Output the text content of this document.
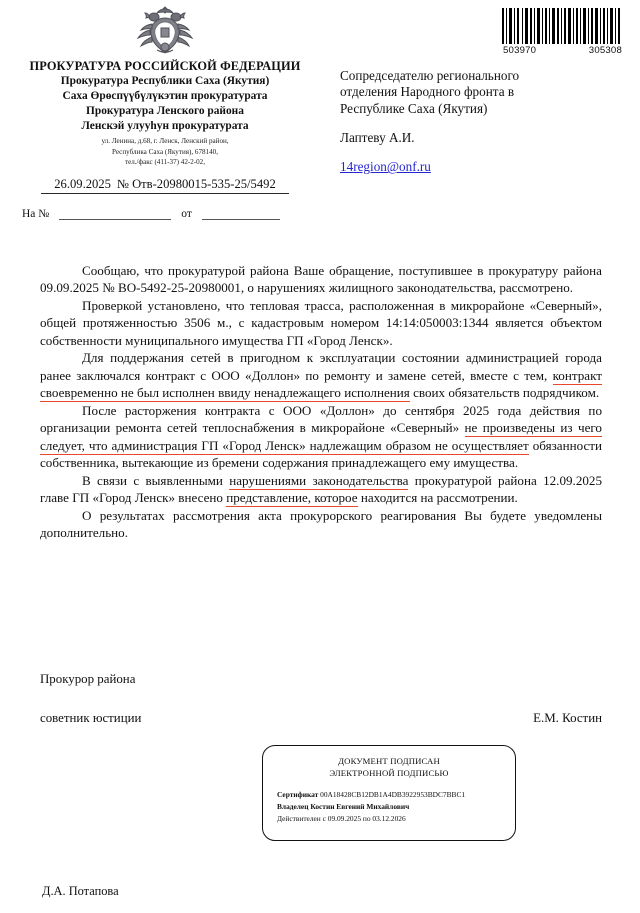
ПРОКУРАТУРА РОССИЙСКОЙ ФЕДЕРАЦИИ
Прокуратура Республики Саха (Якутия)
Саха Өрөспүүбүлүкэтин прокуратурата
Прокуратура Ленского района
Ленскэй улууһун прокуратурата
ул. Ленина, д.68, г. Ленск, Ленский район,
Республика Саха (Якутия), 678140,
тел./факс (411-37) 42-2-02,
26.09.2025 № Отв-20980015-535-25/5492
На №	от
503970	305308
Сопредседателю регионального
отделения Народного фронта в
Республике Саха (Якутия)
Лаптеву А.И.
14region@onf.ru

Сообщаю, что прокуратурой района Ваше обращение, поступившее в прокуратуру района 09.09.2025 № ВО-5492-25-20980001, о нарушениях жилищного законодательства, рассмотрено.

Проверкой установлено, что тепловая трасса, расположенная в микрорайоне «Северный», общей протяженностью 3506 м., с кадастровым номером 14:14:050003:1344 является объектом собственности муниципального имущества ГП «Город Ленск».

Для поддержания сетей в пригодном к эксплуатации состоянии администрацией города ранее заключался контракт с ООО «Доллон» по ремонту и замене сетей, вместе с тем, контракт своевременно не был исполнен ввиду ненадлежащего исполнения своих обязательств подрядчиком.

После расторжения контракта с ООО «Доллон» до сентября 2025 года действия по организации ремонта сетей теплоснабжения в микрорайоне «Северный» не произведены из чего следует, что администрация ГП «Город Ленск» надлежащим образом не осуществляет обязанности собственника, вытекающие из бремени содержания принадлежащего ему имущества.

В связи с выявленными нарушениями законодательства прокуратурой района 12.09.2025 главе ГП «Город Ленск» внесено представление, которое находится на рассмотрении.

О результатах рассмотрения акта прокурорского реагирования Вы будете уведомлены дополнительно.

Прокурор района

советник юстиции	Е.М. Костин
ДОКУМЕНТ ПОДПИСАН
ЭЛЕКТРОННОЙ ПОДПИСЬЮ
Сертификат 00A18428CB12DB1A4DB3922953BDC7BBC1
Владелец Костин Евгений Михайлович
Действителен с 09.09.2025 по 03.12.2026
Д.А. Потапова
